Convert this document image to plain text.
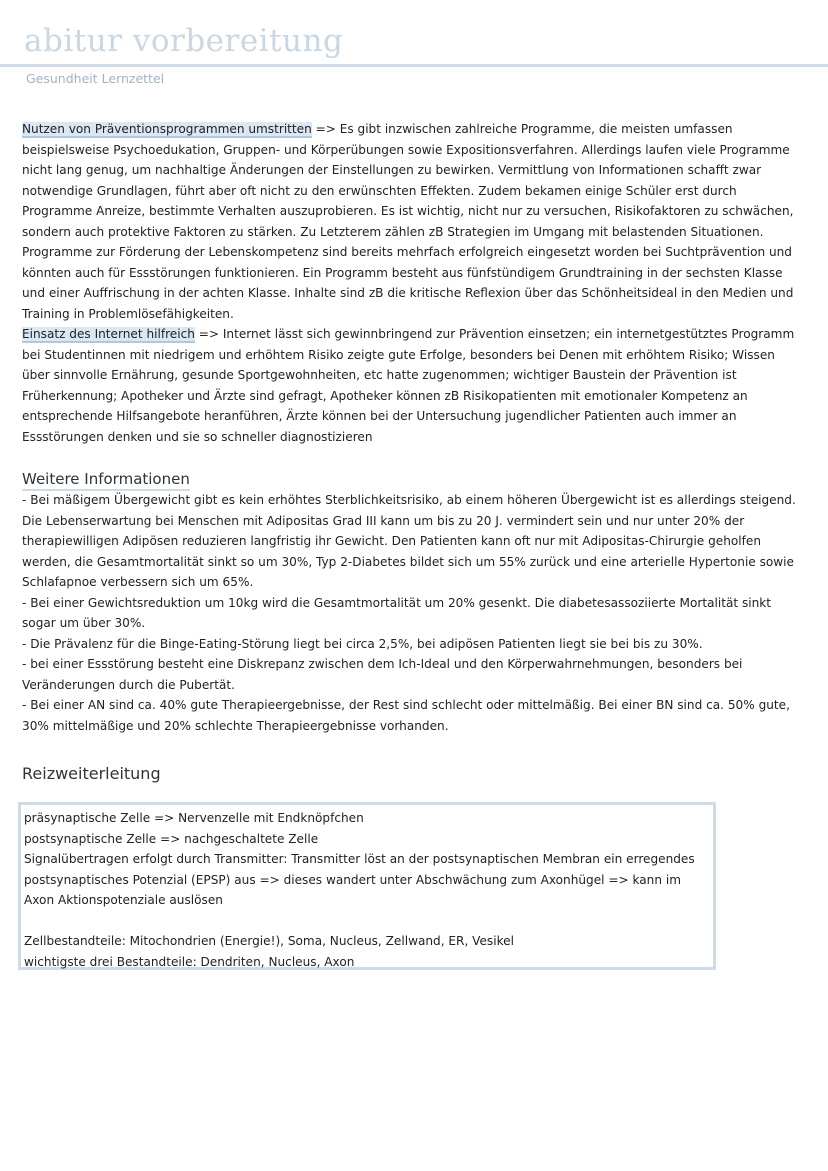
abitur vorbereitung
Gesundheit Lernzettel

Nutzen von Präventionsprogrammen umstritten => Es gibt inzwischen zahlreiche Programme, die meisten umfassen beispielsweise Psychoedukation, Gruppen- und Körperübungen sowie Expositionsverfahren. Allerdings laufen viele Programme nicht lang genug, um nachhaltige Änderungen der Einstellungen zu bewirken. Vermittlung von Informationen schafft zwar notwendige Grundlagen, führt aber oft nicht zu den erwünschten Effekten. Zudem bekamen einige Schüler erst durch Programme Anreize, bestimmte Verhalten auszuprobieren. Es ist wichtig, nicht nur zu versuchen, Risikofaktoren zu schwächen, sondern auch protektive Faktoren zu stärken. Zu Letzterem zählen zB Strategien im Umgang mit belastenden Situationen. Programme zur Förderung der Lebenskompetenz sind bereits mehrfach erfolgreich eingesetzt worden bei Suchtprävention und könnten auch für Essstörungen funktionieren. Ein Programm besteht aus fünfstündigem Grundtraining in der sechsten Klasse und einer Auffrischung in der achten Klasse. Inhalte sind zB die kritische Reflexion über das Schönheitsideal in den Medien und Training in Problemlösefähigkeiten.

Einsatz des Internet hilfreich => Internet lässt sich gewinnbringend zur Prävention einsetzen; ein internetgestütztes Programm bei Studentinnen mit niedrigem und erhöhtem Risiko zeigte gute Erfolge, besonders bei Denen mit erhöhtem Risiko; Wissen über sinnvolle Ernährung, gesunde Sportgewohnheiten, etc hatte zugenommen; wichtiger Baustein der Prävention ist Früherkennung; Apotheker und Ärzte sind gefragt, Apotheker können zB Risikopatienten mit emotionaler Kompetenz an entsprechende Hilfsangebote heranführen, Ärzte können bei der Untersuchung jugendlicher Patienten auch immer an Essstörungen denken und sie so schneller diagnostizieren

Weitere Informationen

- Bei mäßigem Übergewicht gibt es kein erhöhtes Sterblichkeitsrisiko, ab einem höheren Übergewicht ist es allerdings steigend. Die Lebenserwartung bei Menschen mit Adipositas Grad III kann um bis zu 20 J. vermindert sein und nur unter 20% der therapiewilligen Adipösen reduzieren langfristig ihr Gewicht. Den Patienten kann oft nur mit Adipositas-Chirurgie geholfen werden, die Gesamtmortalität sinkt so um 30%, Typ 2-Diabetes bildet sich um 55% zurück und eine arterielle Hypertonie sowie Schlafapnoe verbessern sich um 65%.

- Bei einer Gewichtsreduktion um 10kg wird die Gesamtmortalität um 20% gesenkt. Die diabetesassoziierte Mortalität sinkt sogar um über 30%.

- Die Prävalenz für die Binge-Eating-Störung liegt bei circa 2,5%, bei adipösen Patienten liegt sie bei bis zu 30%.

- bei einer Essstörung besteht eine Diskrepanz zwischen dem Ich-Ideal und den Körperwahrnehmungen, besonders bei Veränderungen durch die Pubertät.

- Bei einer AN sind ca. 40% gute Therapieergebnisse, der Rest sind schlecht oder mittelmäßig. Bei einer BN sind ca. 50% gute, 30% mittelmäßige und 20% schlechte Therapieergebnisse vorhanden.

Reizweiterleitung

präsynaptische Zelle => Nervenzelle mit Endknöpfchen

postsynaptische Zelle => nachgeschaltete Zelle

Signalübertragen erfolgt durch Transmitter: Transmitter löst an der postsynaptischen Membran ein erregendes postsynaptisches Potenzial (EPSP) aus => dieses wandert unter Abschwächung zum Axonhügel => kann im Axon Aktionspotenziale auslösen

Zellbestandteile: Mitochondrien (Energie!), Soma, Nucleus, Zellwand, ER, Vesikel

wichtigste drei Bestandteile: Dendriten, Nucleus, Axon
